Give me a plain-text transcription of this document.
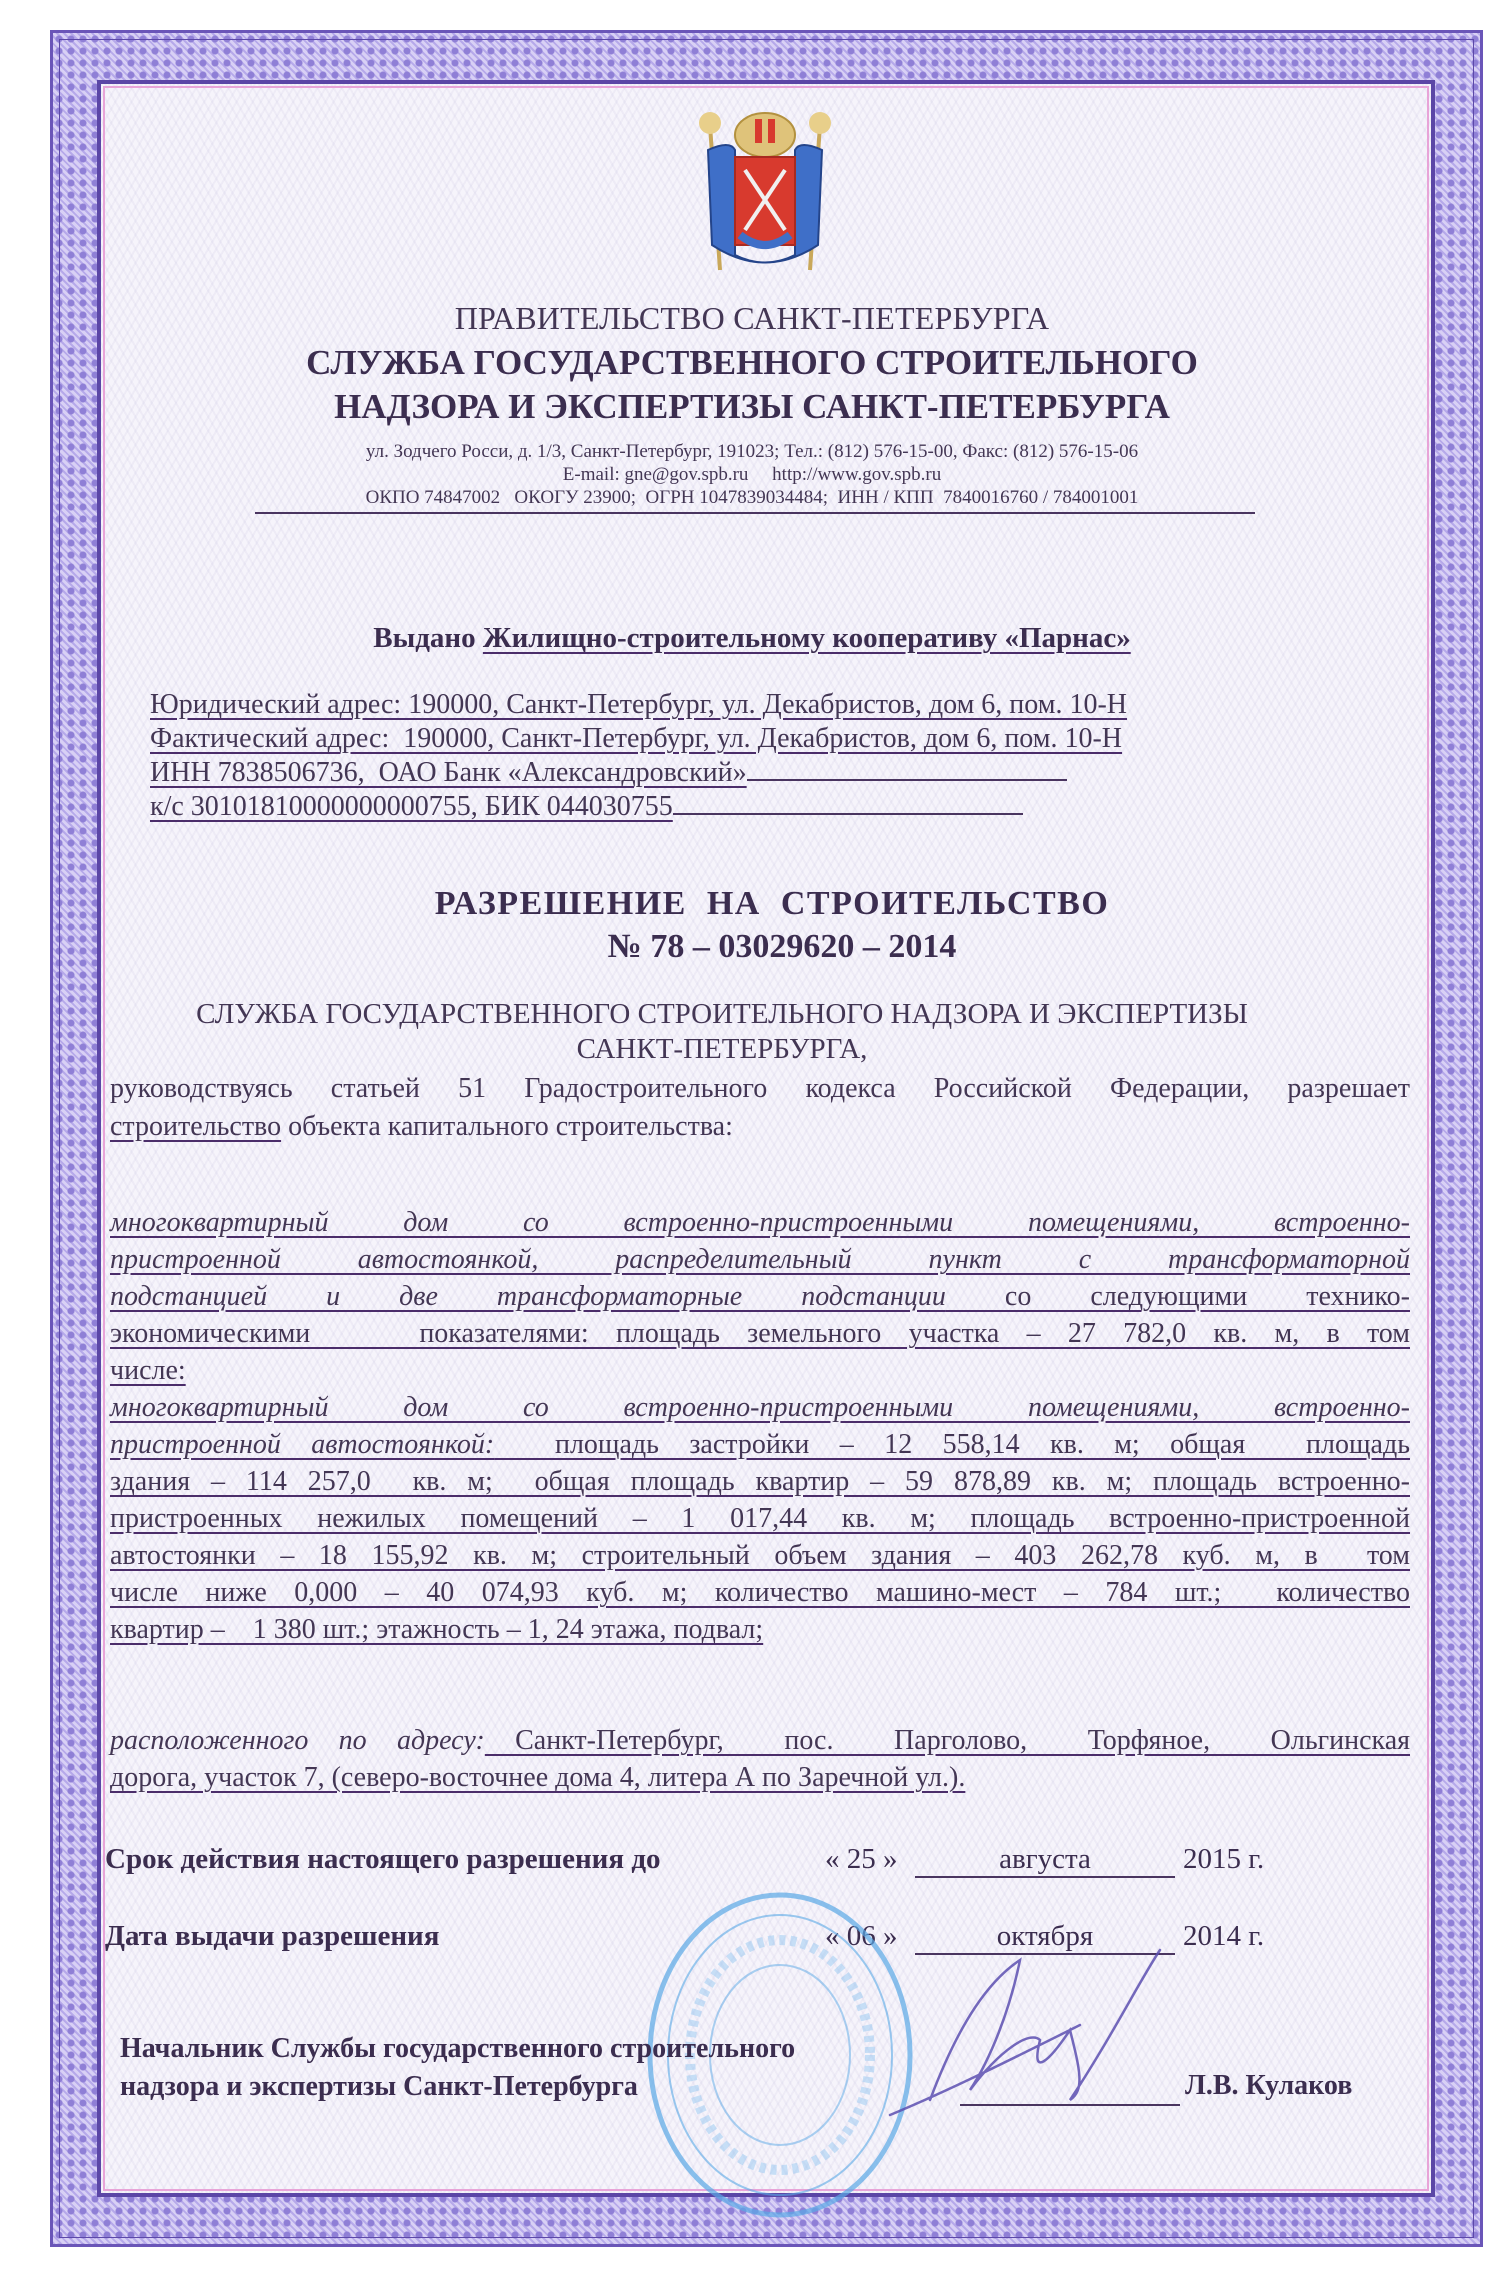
ПРАВИТЕЛЬСТВО САНКТ-ПЕТЕРБУРГА
СЛУЖБА ГОСУДАРСТВЕННОГО СТРОИТЕЛЬНОГО
НАДЗОРА И ЭКСПЕРТИЗЫ САНКТ-ПЕТЕРБУРГА
ул. Зодчего Росси, д. 1/3, Санкт-Петербург, 191023; Тел.: (812) 576-15-00, Факс: (812) 576-15-06
E-mail: gne@gov.spb.ru     http://www.gov.spb.ru
ОКПО 74847002   ОКОГУ 23900;  ОГРН 1047839034484;  ИНН / КПП  7840016760 / 784001001
Выдано Жилищно-строительному кооперативу «Парнас»
Юридический адрес: 190000, Санкт-Петербург, ул. Декабристов, дом 6, пом. 10-Н
Фактический адрес:  190000, Санкт-Петербург, ул. Декабристов, дом 6, пом. 10-Н
ИНН 7838506736,  ОАО Банк «Александровский»
к/с 30101810000000000755, БИК 044030755
РАЗРЕШЕНИЕ  НА  СТРОИТЕЛЬСТВО
№ 78 – 03029620 – 2014
СЛУЖБА ГОСУДАРСТВЕННОГО СТРОИТЕЛЬНОГО НАДЗОРА И ЭКСПЕРТИЗЫ
САНКТ-ПЕТЕРБУРГА,
руководствуясь статьей 51 Градостроительного кодекса Российской Федерации, разрешает
строительство объекта капитального строительства:
многоквартирный  дом  со  встроенно-пристроенными  помещениями,  встроенно-
пристроенной  автостоянкой,  распределительный  пункт  с  трансформаторной
подстанцией  и  две  трансформаторные  подстанции  со  следующими  технико-
экономическими    показателями: площадь земельного участка – 27 782,0 кв. м, в том
числе:
многоквартирный  дом  со  встроенно-пристроенными  помещениями,  встроенно-
пристроенной автостоянкой:  площадь застройки – 12 558,14 кв. м; общая  площадь
здания – 114 257,0  кв. м;  общая площадь квартир – 59 878,89 кв. м; площадь встроенно-
пристроенных нежилых помещений – 1 017,44 кв. м; площадь встроенно-пристроенной
автостоянки – 18 155,92 кв. м; строительный объем здания – 403 262,78 куб. м, в  том
числе ниже 0,000 – 40 074,93 куб. м; количество машино-мест – 784 шт.;  количество
квартир –    1 380 шт.; этажность – 1, 24 этажа, подвал;
расположенного по адресу: Санкт-Петербург,  пос.  Парголово,  Торфяное,  Ольгинская
дорога, участок 7, (северо-восточнее дома 4, литера А по Заречной ул.).
Срок действия настоящего разрешения до	« 25 »	августа	2015 г.
Дата выдачи разрешения	« 06 »	октября	2014 г.
Начальник Службы государственного строительного
надзора и экспертизы Санкт-Петербурга	Л.В. Кулаков
